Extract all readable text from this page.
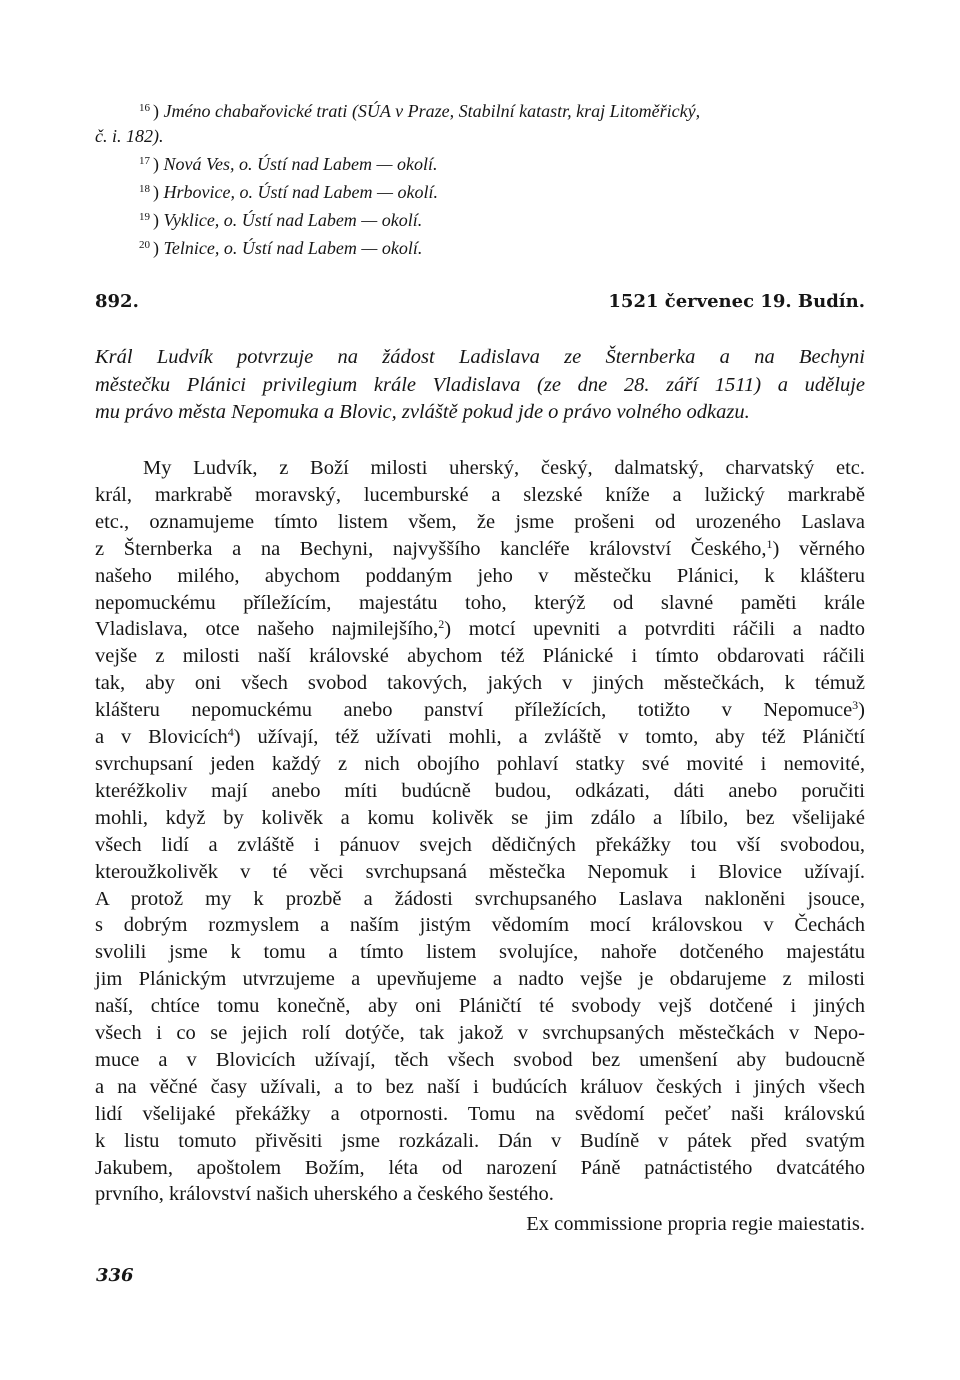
$^{16}$ ) Jméno chabařovické trati (SÚA v Praze, Stabilní katastr, kraj Litoměřický,

č. i. 182).

$^{17}$ ) Nová Ves, o. Ústí nad Labem — okolí.

$^{18}$ ) Hrbovice, o. Ústí nad Labem — okolí.

$^{19}$ ) Vyklice, o. Ústí nad Labem — okolí.

$^{20}$ ) Telnice, o. Ústí nad Labem — okolí.

892.	1521 červenec 19. Budín.
Král Ludvík potvrzuje na žádost Ladislava ze Šternberka a na Bechyni
městečku Plánici privilegium krále Vladislava (ze dne 28. září 1511) a uděluje
mu právo města Nepomuka a Blovic, zvláště pokud jde o právo volného odkazu.
My Ludvík, z Boží milosti uherský, český, dalmatský, charvatský etc.
král, markrabě moravský, lucemburské a slezské kníže a lužický markrabě
etc., oznamujeme tímto listem všem, že jsme prošeni od urozeného Laslava
z Šternberka a na Bechyni, najvyššího kancléře království Českého,$^1$) věrného
našeho milého, abychom poddaným jeho v městečku Plánici, k klášteru
nepomuckému příležícím, majestátu toho, kterýž od slavné paměti krále
Vladislava, otce našeho najmilejšího,$^2$) motcí upevniti a potvrditi ráčili a nadto
vejše z milosti naší královské abychom též Plánické i tímto obdarovati ráčili
tak, aby oni všech svobod takových, jakých v jiných městečkách, k témuž
klášteru nepomuckému anebo panství příležících, totižto v Nepomuce$^3$)
a v Blovicích$^4$) užívají, též užívati mohli, a zvláště v tomto, aby též Pláničtí
svrchupsaní jeden každý z nich obojího pohlaví statky své movité i nemovité,
kteréžkoliv mají anebo míti budúcně budou, odkázati, dáti anebo poručiti
mohli, když by kolivěk a komu kolivěk se jim zdálo a líbilo, bez všelijaké
všech lidí a zvláště i pánuov svejch dědičných překážky tou vší svobodou,
kteroužkolivěk v té věci svrchupsaná městečka Nepomuk i Blovice užívají.
A protož my k prozbě a žádosti svrchupsaného Laslava nakloněni jsouce,
s dobrým rozmyslem a naším jistým vědomím mocí královskou v Čechách
svolili jsme k tomu a tímto listem svolujíce, nahoře dotčeného majestátu
jim Plánickým utvrzujeme a upevňujeme a nadto vejše je obdarujeme z milosti
naší, chtíce tomu konečně, aby oni Pláničtí té svobody vejš dotčené i jiných
všech i co se jejich rolí dotýče, tak jakož v svrchupsaných městečkách v Nepo-
muce a v Blovicích užívají, těch všech svobod bez umenšení aby budoucně
a na věčné časy užívali, a to bez naší i budúcích králuov českých i jiných všech
lidí všelijaké překážky a otpornosti. Tomu na svědomí pečeť naši královskú
k listu tomuto přivěsiti jsme rozkázali. Dán v Budíně v pátek před svatým
Jakubem, apoštolem Božím, léta od narození Páně patnáctistého dvatcátého
prvního, království našich uherského a českého šestého.
Ex commissione propria regie maiestatis.
336
